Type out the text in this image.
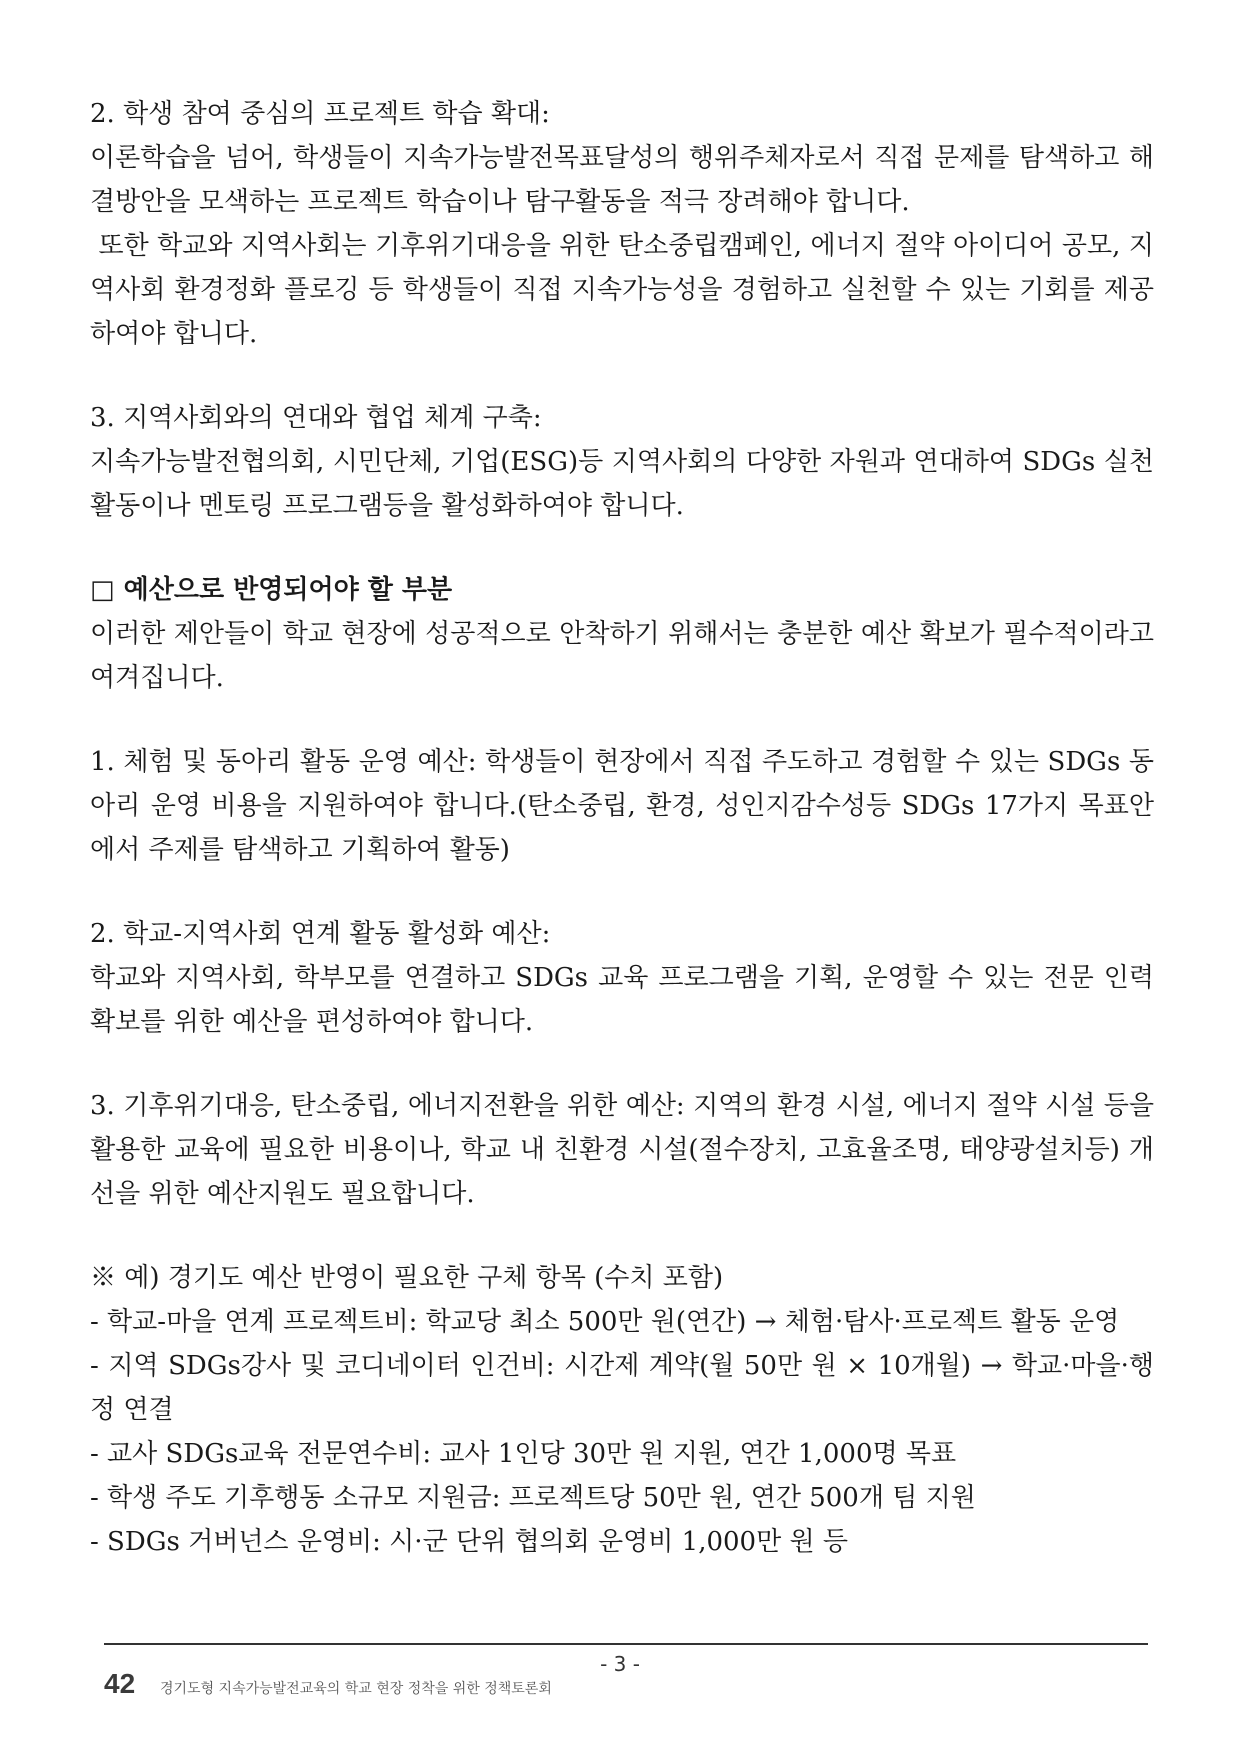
2. 학생 참여 중심의 프로젝트 학습 확대:

이론학습을 넘어, 학생들이 지속가능발전목표달성의 행위주체자로서 직접 문제를 탐색하고 해결방안을 모색하는 프로젝트 학습이나 탐구활동을 적극 장려해야 합니다.

또한 학교와 지역사회는 기후위기대응을 위한 탄소중립캠페인, 에너지 절약 아이디어 공모, 지역사회 환경정화 플로깅 등 학생들이 직접 지속가능성을 경험하고 실천할 수 있는 기회를 제공하여야 합니다.

3. 지역사회와의 연대와 협업 체계 구축:

지속가능발전협의회, 시민단체, 기업(ESG)등 지역사회의 다양한 자원과 연대하여 SDGs 실천활동이나 멘토링 프로그램등을 활성화하여야 합니다.

□ 예산으로 반영되어야 할 부분

이러한 제안들이 학교 현장에 성공적으로 안착하기 위해서는 충분한 예산 확보가 필수적이라고 여겨집니다.

1. 체험 및 동아리 활동 운영 예산: 학생들이 현장에서 직접 주도하고 경험할 수 있는 SDGs 동아리 운영 비용을 지원하여야 합니다.(탄소중립, 환경, 성인지감수성등 SDGs 17가지 목표안에서 주제를 탐색하고 기획하여 활동)

2. 학교-지역사회 연계 활동 활성화 예산:

학교와 지역사회, 학부모를 연결하고 SDGs 교육 프로그램을 기획, 운영할 수 있는 전문 인력 확보를 위한 예산을 편성하여야 합니다.

3. 기후위기대응, 탄소중립, 에너지전환을 위한 예산: 지역의 환경 시설, 에너지 절약 시설 등을 활용한 교육에 필요한 비용이나, 학교 내 친환경 시설(절수장치, 고효율조명, 태양광설치등) 개선을 위한 예산지원도 필요합니다.

※ 예) 경기도 예산 반영이 필요한 구체 항목 (수치 포함)

- 학교-마을 연계 프로젝트비: 학교당 최소 500만 원(연간) → 체험·탐사·프로젝트 활동 운영

- 지역 SDGs강사 및 코디네이터 인건비: 시간제 계약(월 50만 원 × 10개월) → 학교·마을·행정 연결

- 교사 SDGs교육 전문연수비: 교사 1인당 30만 원 지원, 연간 1,000명 목표

- 학생 주도 기후행동 소규모 지원금: 프로젝트당 50만 원, 연간 500개 팀 지원

- SDGs 거버넌스 운영비: 시·군 단위 협의회 운영비 1,000만 원 등

- 3 -
42 경기도형 지속가능발전교육의 학교 현장 정착을 위한 정책토론회
